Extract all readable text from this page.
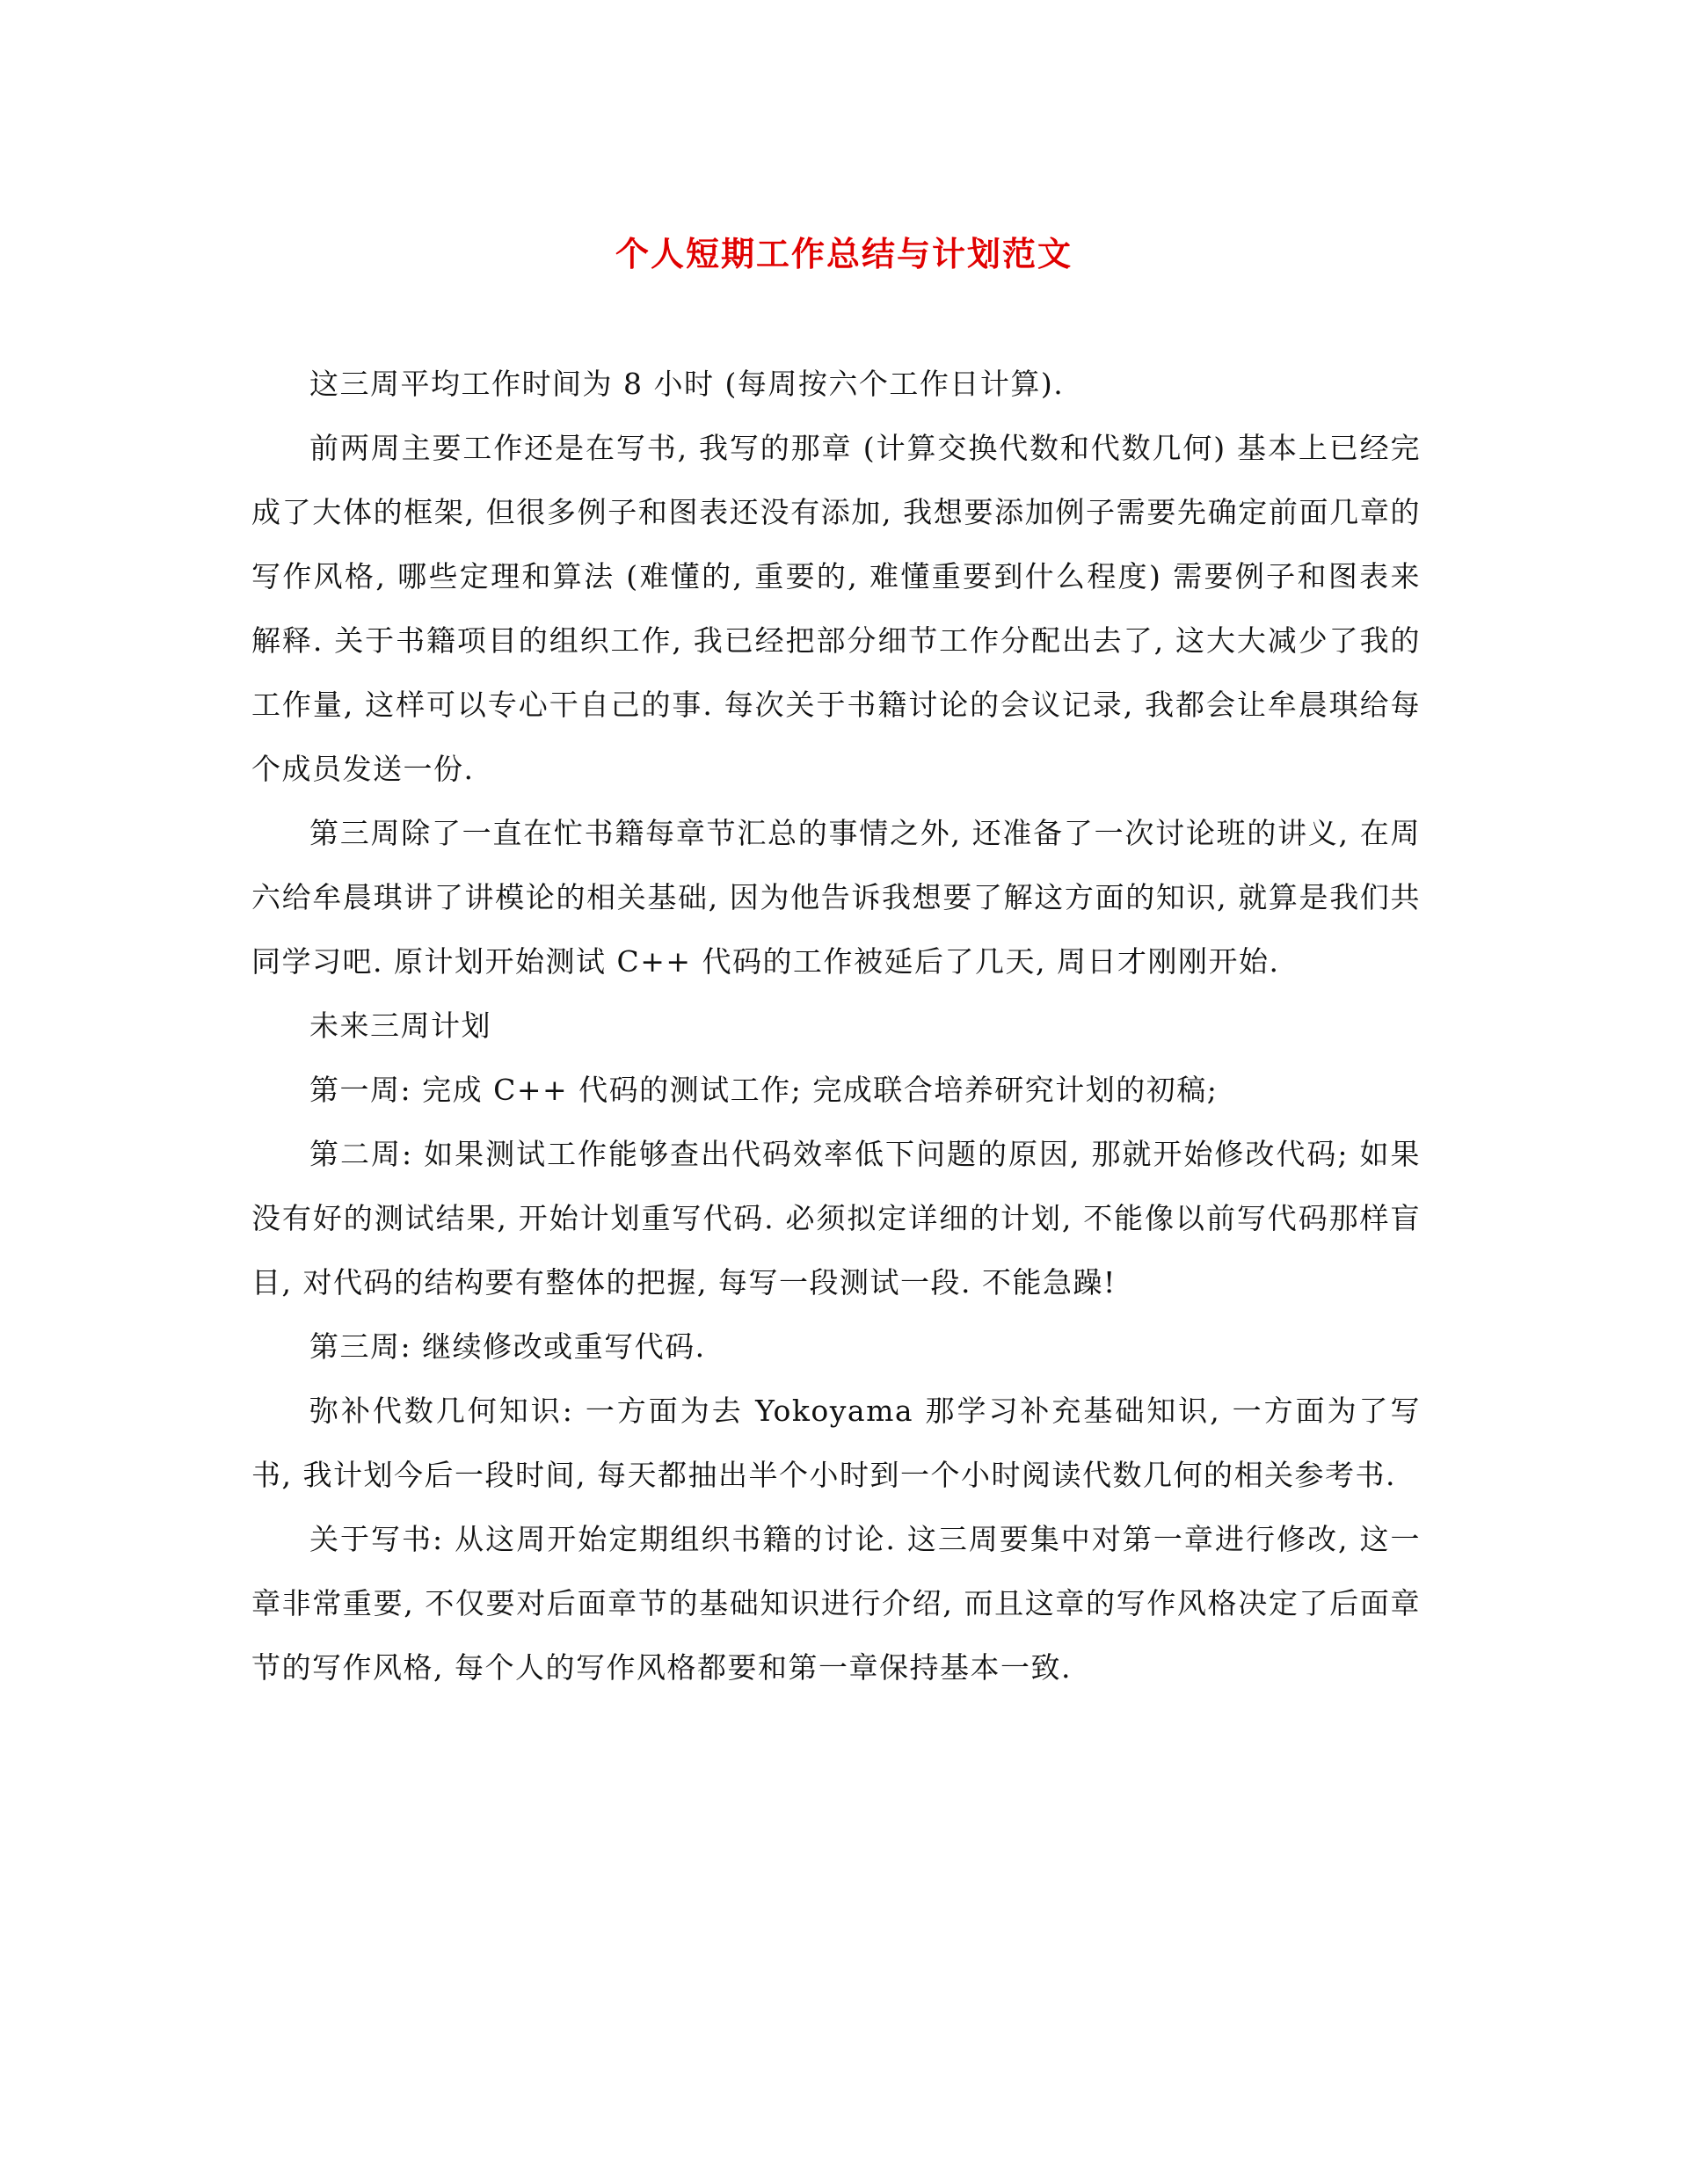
个人短期工作总结与计划范文

这三周平均工作时间为 8 小时 (每周按六个工作日计算).

前两周主要工作还是在写书, 我写的那章 (计算交换代数和代数几何) 基本上已经完成了大体的框架, 但很多例子和图表还没有添加, 我想要添加例子需要先确定前面几章的写作风格, 哪些定理和算法 (难懂的, 重要的, 难懂重要到什么程度) 需要例子和图表来解释. 关于书籍项目的组织工作, 我已经把部分细节工作分配出去了, 这大大减少了我的工作量, 这样可以专心干自己的事. 每次关于书籍讨论的会议记录, 我都会让牟晨琪给每个成员发送一份.

第三周除了一直在忙书籍每章节汇总的事情之外, 还准备了一次讨论班的讲义, 在周六给牟晨琪讲了讲模论的相关基础, 因为他告诉我想要了解这方面的知识, 就算是我们共同学习吧. 原计划开始测试 C++ 代码的工作被延后了几天, 周日才刚刚开始.

未来三周计划

第一周: 完成 C++ 代码的测试工作; 完成联合培养研究计划的初稿;

第二周: 如果测试工作能够查出代码效率低下问题的原因, 那就开始修改代码; 如果没有好的测试结果, 开始计划重写代码. 必须拟定详细的计划, 不能像以前写代码那样盲目, 对代码的结构要有整体的把握, 每写一段测试一段. 不能急躁!

第三周: 继续修改或重写代码.

弥补代数几何知识: 一方面为去 Yokoyama 那学习补充基础知识, 一方面为了写书, 我计划今后一段时间, 每天都抽出半个小时到一个小时阅读代数几何的相关参考书.

关于写书: 从这周开始定期组织书籍的讨论. 这三周要集中对第一章进行修改, 这一章非常重要, 不仅要对后面章节的基础知识进行介绍, 而且这章的写作风格决定了后面章节的写作风格, 每个人的写作风格都要和第一章保持基本一致.
